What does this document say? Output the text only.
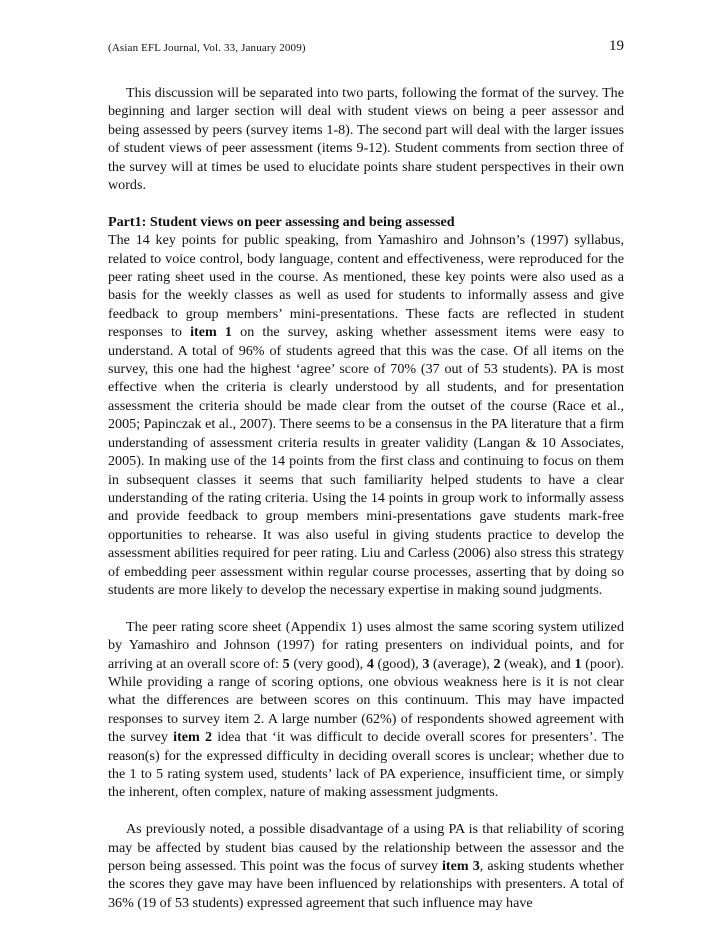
(Asian EFL Journal, Vol. 33, January 2009)	19

This discussion will be separated into two parts, following the format of the survey. The beginning and larger section will deal with student views on being a peer assessor and being assessed by peers (survey items 1-8). The second part will deal with the larger issues of student views of peer assessment (items 9-12). Student comments from section three of the survey will at times be used to elucidate points share student perspectives in their own words.

Part1: Student views on peer assessing and being assessed
The 14 key points for public speaking, from Yamashiro and Johnson’s (1997) syllabus, related to voice control, body language, content and effectiveness, were reproduced for the peer rating sheet used in the course. As mentioned, these key points were also used as a basis for the weekly classes as well as used for students to informally assess and give feedback to group members’ mini-presentations. These facts are reflected in student responses to item 1 on the survey, asking whether assessment items were easy to understand. A total of 96% of students agreed that this was the case. Of all items on the survey, this one had the highest ‘agree’ score of 70% (37 out of 53 students). PA is most effective when the criteria is clearly understood by all students, and for presentation assessment the criteria should be made clear from the outset of the course (Race et al., 2005; Papinczak et al., 2007). There seems to be a consensus in the PA literature that a firm understanding of assessment criteria results in greater validity (Langan & 10 Associates, 2005). In making use of the 14 points from the first class and continuing to focus on them in subsequent classes it seems that such familiarity helped students to have a clear understanding of the rating criteria. Using the 14 points in group work to informally assess and provide feedback to group members mini-presentations gave students mark-free opportunities to rehearse. It was also useful in giving students practice to develop the assessment abilities required for peer rating. Liu and Carless (2006) also stress this strategy of embedding peer assessment within regular course processes, asserting that by doing so students are more likely to develop the necessary expertise in making sound judgments.

The peer rating score sheet (Appendix 1) uses almost the same scoring system utilized by Yamashiro and Johnson (1997) for rating presenters on individual points, and for arriving at an overall score of: 5 (very good), 4 (good), 3 (average), 2 (weak), and 1 (poor). While providing a range of scoring options, one obvious weakness here is it is not clear what the differences are between scores on this continuum. This may have impacted responses to survey item 2. A large number (62%) of respondents showed agreement with the survey item 2 idea that ‘it was difficult to decide overall scores for presenters’. The reason(s) for the expressed difficulty in deciding overall scores is unclear; whether due to the 1 to 5 rating system used, students’ lack of PA experience, insufficient time, or simply the inherent, often complex, nature of making assessment judgments.

As previously noted, a possible disadvantage of a using PA is that reliability of scoring may be affected by student bias caused by the relationship between the assessor and the person being assessed. This point was the focus of survey item 3, asking students whether the scores they gave may have been influenced by relationships with presenters. A total of 36% (19 of 53 students) expressed agreement that such influence may have
